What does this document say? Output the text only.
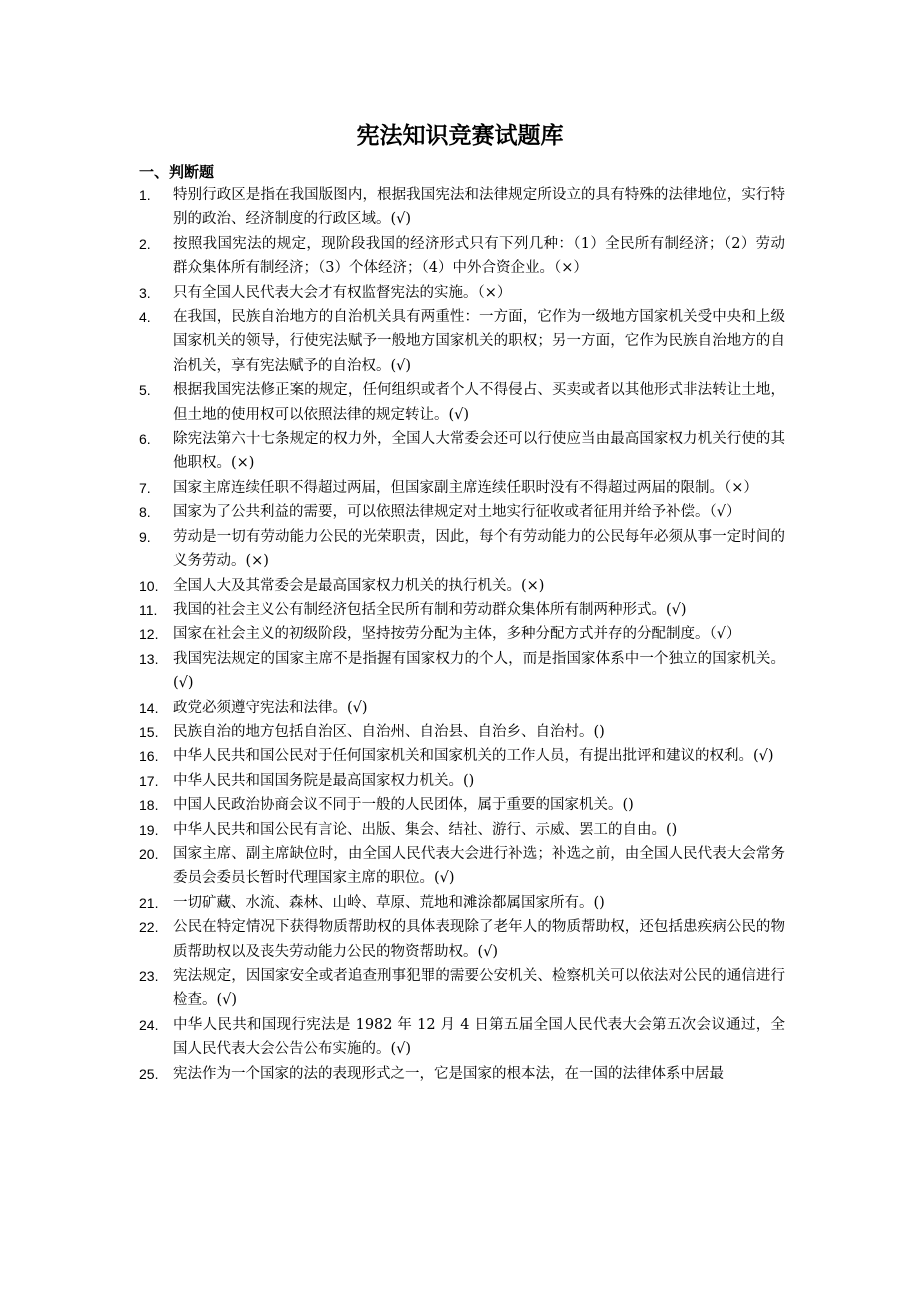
宪法知识竞赛试题库
一、判断题
1. 特别行政区是指在我国版图内，根据我国宪法和法律规定所设立的具有特殊的法律地位，实行特别的政治、经济制度的行政区域。(√)
2. 按照我国宪法的规定，现阶段我国的经济形式只有下列几种：（1）全民所有制经济；（2）劳动群众集体所有制经济；（3）个体经济；（4）中外合资企业。（×）
3. 只有全国人民代表大会才有权监督宪法的实施。（×）
4. 在我国，民族自治地方的自治机关具有两重性：一方面，它作为一级地方国家机关受中央和上级国家机关的领导，行使宪法赋予一般地方国家机关的职权；另一方面，它作为民族自治地方的自治机关，享有宪法赋予的自治权。(√)
5. 根据我国宪法修正案的规定，任何组织或者个人不得侵占、买卖或者以其他形式非法转让土地，但土地的使用权可以依照法律的规定转让。(√)
6. 除宪法第六十七条规定的权力外，全国人大常委会还可以行使应当由最高国家权力机关行使的其他职权。(×)
7. 国家主席连续任职不得超过两届，但国家副主席连续任职时没有不得超过两届的限制。（×）
8. 国家为了公共利益的需要，可以依照法律规定对土地实行征收或者征用并给予补偿。（√）
9. 劳动是一切有劳动能力公民的光荣职责，因此，每个有劳动能力的公民每年必须从事一定时间的义务劳动。(×)
10. 全国人大及其常委会是最高国家权力机关的执行机关。(×)
11. 我国的社会主义公有制经济包括全民所有制和劳动群众集体所有制两种形式。(√)
12. 国家在社会主义的初级阶段，坚持按劳分配为主体，多种分配方式并存的分配制度。（√）
13. 我国宪法规定的国家主席不是指握有国家权力的个人，而是指国家体系中一个独立的国家机关。(√)
14. 政党必须遵守宪法和法律。(√)
15. 民族自治的地方包括自治区、自治州、自治县、自治乡、自治村。()
16. 中华人民共和国公民对于任何国家机关和国家机关的工作人员，有提出批评和建议的权利。(√)
17. 中华人民共和国国务院是最高国家权力机关。()
18. 中国人民政治协商会议不同于一般的人民团体，属于重要的国家机关。()
19. 中华人民共和国公民有言论、出版、集会、结社、游行、示威、罢工的自由。()
20. 国家主席、副主席缺位时，由全国人民代表大会进行补选；补选之前，由全国人民代表大会常务委员会委员长暂时代理国家主席的职位。(√)
21. 一切矿藏、水流、森林、山岭、草原、荒地和滩涂都属国家所有。()
22. 公民在特定情况下获得物质帮助权的具体表现除了老年人的物质帮助权，还包括患疾病公民的物质帮助权以及丧失劳动能力公民的物资帮助权。(√)
23. 宪法规定，因国家安全或者追查刑事犯罪的需要公安机关、检察机关可以依法对公民的通信进行检查。(√)
24. 中华人民共和国现行宪法是 1982 年 12 月 4 日第五届全国人民代表大会第五次会议通过，全国人民代表大会公告公布实施的。(√)
25. 宪法作为一个国家的法的表现形式之一，它是国家的根本法，在一国的法律体系中居最
